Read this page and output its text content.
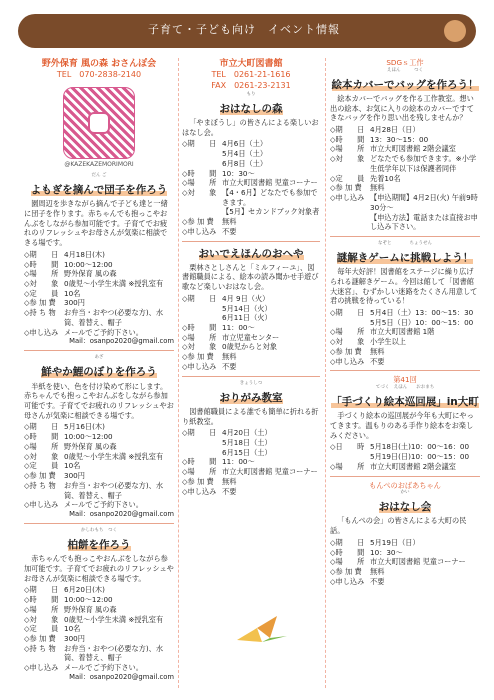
子育て・子ども向け　イベント情報
野外保育 風の森 おさんぽ会
TEL　070-2838-2140
@KAZEKAZEMORIMORI
だん ご
よもぎを摘んで団子を作ろう
園周辺を歩きながら摘んで子ども達と一緒に団子を作ります。赤ちゃんでも抱っこやおんぶをしながら参加可能です。子育てでお疲れのリフレッシュやお母さんが気楽に相談できる場です。
◇期　　日 4月18日(木)
◇時　　間 10:00〜12:00
◇場　　所 野外保育 風の森
◇対　　象 0歳児〜小学生未満 ※授乳室有
◇定　　員 10名
◇参 加 費	300円
◇持 ち 物	お弁当・おやつ(必要な方)、水筒、着替え、帽子
◇申し込み メールでご予約下さい。
Mail：osanpo2020@gmail.com
あざ
鮮やか鯉のぼりを作ろう
半紙を使い、色を付け染めて形にします。赤ちゃんでも抱っこやおんぶをしながら参加可能です。子育てでお疲れのリフレッシュやお母さんが気楽に相談できる場です。
◇期　　日 5月16日(木)
◇時　　間 10:00〜12:00
◇場　　所 野外保育 風の森
◇対　　象 0歳児〜小学生未満 ※授乳室有
◇定　　員 10名
◇参 加 費	300円
◇持 ち 物	お弁当・おやつ(必要な方)、水筒、着替え、帽子
◇申し込み メールでご予約下さい。
Mail：osanpo2020@gmail.com
かしわもち　つく
柏餅を作ろう
赤ちゃんでも抱っこやおんぶをしながら参加可能です。子育てでお疲れのリフレッシュやお母さんが気楽に相談できる場です。
◇期　　日 6月20日(木)
◇時　　間 10:00〜12:00
◇場　　所 野外保育 風の森
◇対　　象 0歳児〜小学生未満 ※授乳室有
◇定　　員 10名
◇参 加 費	300円
◇持 ち 物	お弁当・おやつ(必要な方)、水筒、着替え、帽子
◇申し込み メールでご予約下さい。
Mail：osanpo2020@gmail.com
市立大町図書館
TEL　0261-21-1616
FAX　0261-23-2131
もり
おはなしの森
「やまぼうし」の皆さんによる楽しいおはなし会。
◇期　　日 4月6日（土）
5月4日（土）
6月8日（土）
◇時　　間 10：30〜
◇場　　所 市立大町図書館 児童コーナー
◇対　　象 【4・6月】どなたでも参加できます。
【5月】セカンドブック対象者
◇参 加 費	無料
◇申し込み 不要
おいでえほんのおへや
栗林さとしさんと「ミルフィーユ」、図書館職員による、絵本の読み聞かせ手遊び歌など楽しいおはなし会。
◇期　　日 4月 9日（火）
5月14日（火）
6月11日（火）
◇時　　間 11：00〜
◇場　　所 市立児童センター
◇対　　象 0歳児からと対象
◇参 加 費	無料
◇申し込み 不要
きょうしつ
おりがみ教室
図書館職員による誰でも簡単に折れる折り紙教室。
◇期　　日 4月20日（土）
5月18日（土）
6月15日（土）
◇時　　間 11：00〜
◇場　　所 市立大町図書館 児童コーナー
◇参 加 費	無料
◇申し込み 不要
SDGｓ工作
えほん　　　つく
絵本カバーでバッグを作ろう！
絵本カバーでバッグを作る工作教室。想い出の絵本、お気に入りの絵本のカバーですてきなバッグを作り思い出を残しませんか？
◇期　　日 4月28日（日）
◇時　　間 13：30〜15：00
◇場　　所 市立大町図書館 2階会議室
◇対　　象 どなたでも参加できます。※小学生低学年以下は保護者同伴
◇定　　員 先着10名
◇参 加 費	無料
◇申し込み 【申込期間】4月2日(火) 午前9時30分〜
【申込方法】電話または直接お申し込み下さい。
なぞと　　　　ちょうせん
謎解きゲームに挑戦しよう！
毎年大好評！図書館をステージに繰り広げられる謎解きゲーム。今回は館して「図書館大迷宮」、むずかしい迷路をたくさん用意して君の挑戦を待っている！
◇期　　日 5月4日（土）13：00〜15：30
5月5日（日）10：00〜15：00
◇場　　所 市立大町図書館 1階
◇対　　象 小学生以上
◇参 加 費	無料
◇申し込み 不要
第41回
てづく　えほん　　おおまち
「手づくり絵本巡回展」in大町
手づくり絵本の巡回展が今年も大町にやってきます。温もりのある手作り絵本をお楽しみください。
◇日　　時 5月18日(土)10：00〜16：00
5月19日(日)10：00〜15：00
◇場　　所 市立大町図書館 2階会議室
もんぺのおばあちゃん
かい
おはなし会
「もんぺの会」の皆さんによる大町の民話。
◇期　　日 5月19日（日）
◇時　　間 10：30〜
◇場　　所 市立大町図書館 児童コーナー
◇参 加 費	無料
◇申し込み 不要
